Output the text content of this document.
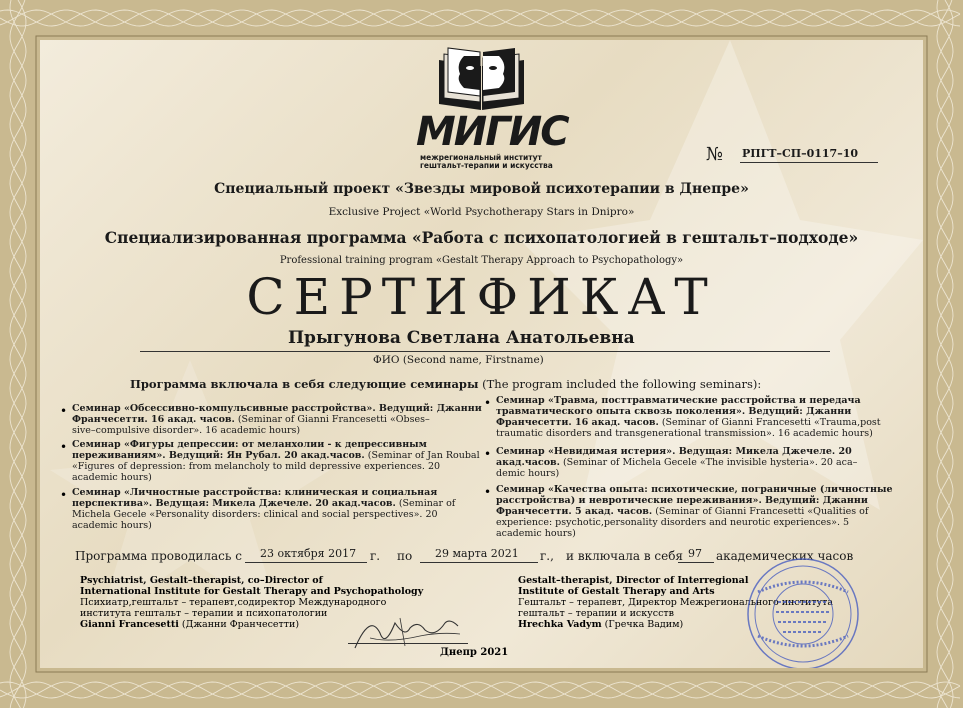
МИГИС
межрегиональный институт
гештальт-терапии и искусства
№ РПГТ–СП–0117–10
Специальный проект «Звезды мировой психотерапии в Днепре»
Exclusive Project «World Psychotherapy Stars in Dnipro»
Специализированная программа «Работа с психопатологией в гештальт–подходе»
Professional training program «Gestalt Therapy Approach to Psychopathology»
СЕРТИФИКАТ
Прыгунова Светлана Анатольевна
ФИО (Second name, Firstname)
Программа включала в себя следующие семинары (The program included the following seminars):
• Семинар «Обсессивно-компульсивные расстройства». Ведущий: Джанни
Франчесетти. 16 акад. часов. (Seminar of Gianni Francesetti «Obses–
sive–compulsive disorder». 16 academic hours)
• Семинар «Фигуры депрессии: от меланхолии - к депрессивным
переживаниям». Ведущий: Ян Рубал. 20 акад.часов. (Seminar of Jan Roubal
«Figures of depression: from melancholy to mild depressive experiences. 20
academic hours)
• Семинар «Личностные расстройства: клиническая и социальная
перспектива». Ведущая: Микела Джечеле. 20 акад.часов. (Seminar of
Michela Gecele «Personality disorders: clinical and social perspectives». 20
academic hours)
• Семинар «Травма, посттравматические расстройства и передача
травматического опыта сквозь поколения». Ведущий: Джанни
Франчесетти. 16 акад. часов. (Seminar of Gianni Francesetti «Trauma,post
traumatic disorders and transgenerational transmission». 16 academic hours)
• Семинар «Невидимая истерия». Ведущая: Микела Джечеле. 20
акад.часов. (Seminar of Michela Gecele «The invisible hysteria». 20 aca–
demic hours)
• Семинар «Качества опыта: психотические, пограничные (личностные
расстройства) и невротические переживания». Ведущий: Джанни
Франчесетти. 5 акад. часов. (Seminar of Gianni Francesetti «Qualities of
experience: psychotic,personality disorders and neurotic experiences». 5
academic hours)
Программа проводилась с 23 октября 2017 г. по 29 марта 2021 г., и включала в себя 97 академических часов
Psychiatrist, Gestalt–therapist, co–Director of
International Institute for Gestalt Therapy and Psychopathology
Психиатр,гештальт – терапевт,содиректор Международного
института гештальт – терапии и психопатологии
Gianni Francesetti (Джанни Франчесетти)
Днепр 2021
Gestalt–therapist, Director of Interregional
Institute of Gestalt Therapy and Arts
Гештальт – терапевт, Директор Межрегионального института
гештальт – терапии и искусств
Hrechka Vadym (Гречка Вадим)
